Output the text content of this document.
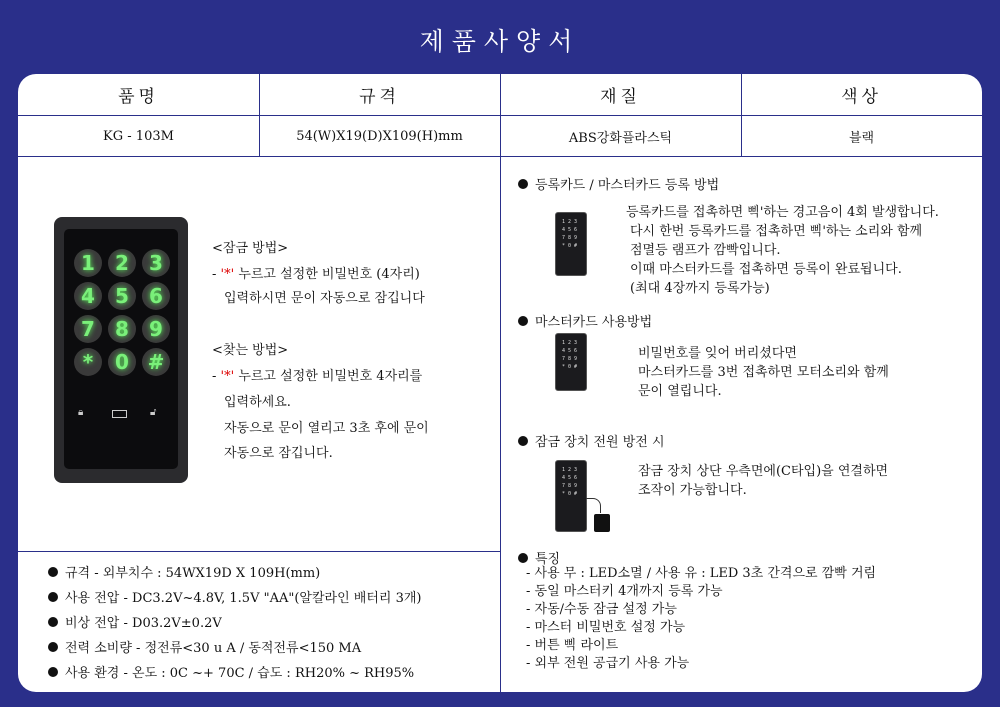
제품사양서
품명	규격	재질	색상
KG - 103M	54(W)X19(D)X109(H)mm	ABS강화플라스틱	블랙
1	2	3
4	5	6
7	8	9
*	0 #
🔒︎	🔓︎
<잠금 방법>
- '*' 누르고 설정한 비밀번호 (4자리)
입력하시면 문이 자동으로 잠깁니다
<찾는 방법>
- '*' 누르고 설정한 비밀번호 4자리를
입력하세요.
자동으로 문이 열리고 3초 후에 문이
자동으로 잠깁니다.
규격 - 외부치수 : 54WX19D X 109H(mm)
사용 전압 - DC3.2V~4.8V, 1.5V "AA"(알칼라인 배터리 3개)
비상 전압 - D03.2V±0.2V
전력 소비량 - 정전류<30 u A / 동적전류<150 MA
사용 환경 - 온도 : 0C ~+ 70C / 습도 : RH20% ~ RH95%
등록카드 / 마스터카드 등록 방법
1 2 3
4 5 6
7 8 9
* 0 #
등록카드를 접촉하면 삑'하는 경고음이 4회 발생합니다.
다시 한번 등록카드를 접촉하면 삑'하는 소리와 함께
점멸등 램프가 깜빡입니다.
이때 마스터카드를 접촉하면 등록이 완료됩니다.
(최대 4장까지 등록가능)
마스터카드 사용방법
1 2 3
4 5 6
7 8 9
* 0 #
비밀번호를 잊어 버리셨다면
마스터카드를 3번 접촉하면 모터소리와 함께
문이 열립니다.
잠금 장치 전원 방전 시
1 2 3
4 5 6
7 8 9
* 0 #
잠금 장치 상단 우측면에(C타입)을 연결하면
조작이 가능합니다.
특징
- 사용 무 : LED소멸 / 사용 유 : LED 3초 간격으로 깜빡 거림
- 동일 마스터키 4개까지 등록 가능
- 자동/수동 잠금 설정 가능
- 마스터 비밀번호 설정 가능
- 버튼 삑 라이트
- 외부 전원 공급기 사용 가능
